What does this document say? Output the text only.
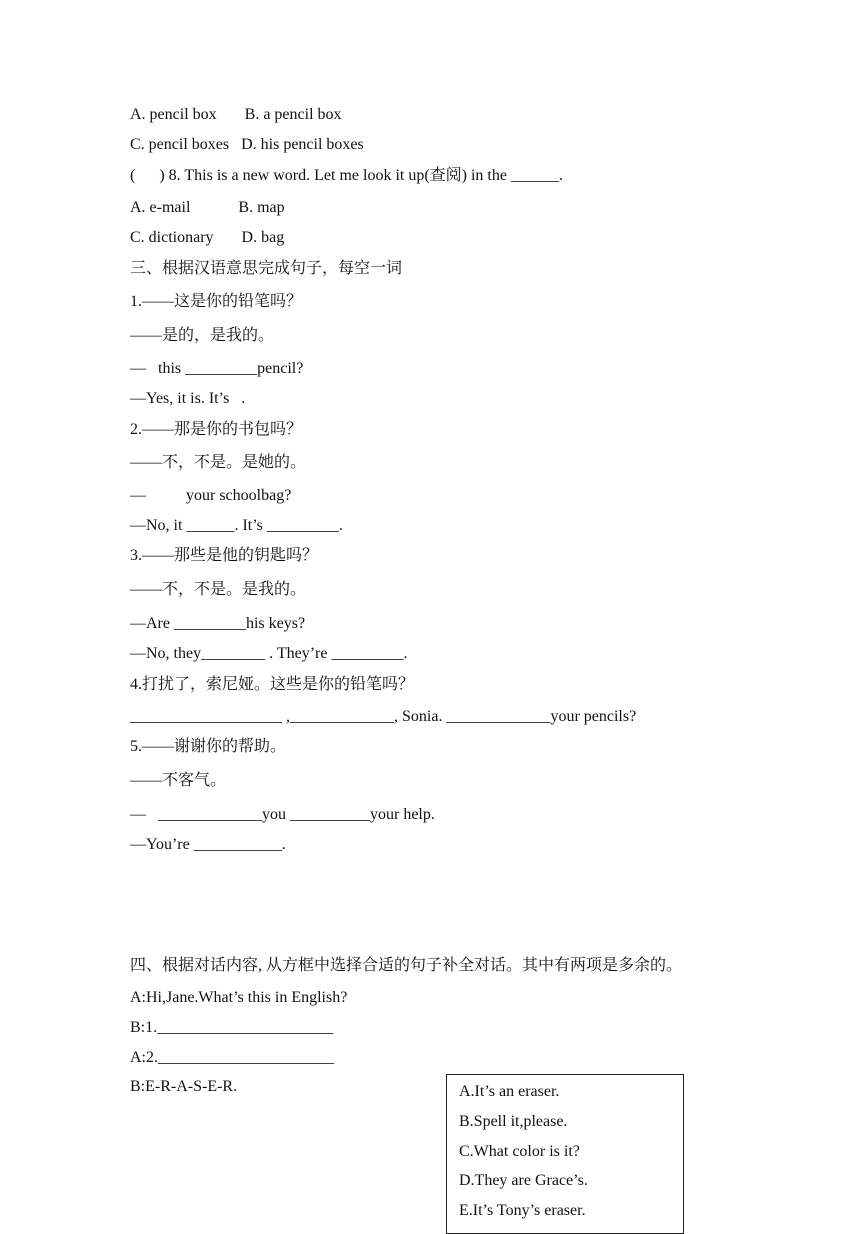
A. pencil box       B. a pencil box
C. pencil boxes   D. his pencil boxes
(      ) 8. This is a new word. Let me look it up(查阅) in the ______.
A. e-mail            B. map
C. dictionary       D. bag
三、根据汉语意思完成句子，每空一词
1.——这是你的铅笔吗？
——是的，是我的。
—   this _________pencil?
—Yes, it is. It’s   .
2.——那是你的书包吗？
——不，不是。是她的。
—          your schoolbag?
—No, it ______. It’s _________.
3.——那些是他的钥匙吗？
——不，不是。是我的。
—Are _________his keys?
—No, they________ . They’re _________.
4.打扰了，索尼娅。这些是你的铅笔吗？
___________________ ,_____________, Sonia. _____________your pencils?
5.——谢谢你的帮助。
——不客气。
—   _____________you __________your help.
—You’re ___________.
四、根据对话内容, 从方框中选择合适的句子补全对话。其中有两项是多余的。
A:Hi,Jane.What’s this in English?
B:1.______________________
A:2.______________________
B:E-R-A-S-E-R.	A.It’s an eraser.
B.Spell it,please.
C.What color is it?
D.They are Grace’s.
E.It’s Tony’s eraser.
